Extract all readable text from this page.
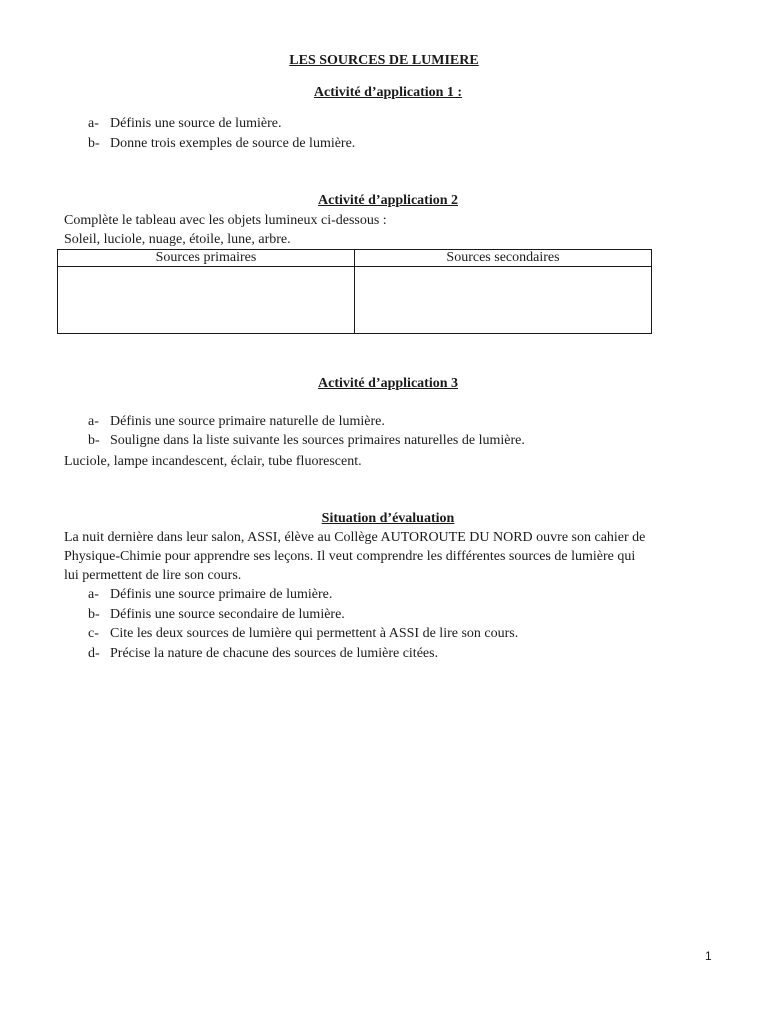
LES SOURCES DE LUMIERE
Activité d’application 1 :
a- Définis une source de lumière.
b- Donne trois exemples de source de lumière.
Activité d’application 2
Complète le tableau avec les objets lumineux ci-dessous :
Soleil, luciole, nuage, étoile, lune, arbre.
Sources primaires	Sources secondaires

Activité d’application 3
a- Définis une source primaire naturelle de lumière.
b- Souligne dans la liste suivante les sources primaires naturelles de lumière.
Luciole, lampe incandescent, éclair, tube fluorescent.
Situation d’évaluation
La nuit dernière dans leur salon, ASSI, élève au Collège AUTOROUTE DU NORD ouvre son cahier de
Physique-Chimie pour apprendre ses leçons. Il veut comprendre les différentes sources de lumière qui
lui permettent de lire son cours.
a- Définis une source primaire de lumière.
b- Définis une source secondaire de lumière.
c- Cite les deux sources de lumière qui permettent à ASSI de lire son cours.
d- Précise la nature de chacune des sources de lumière citées.
1
